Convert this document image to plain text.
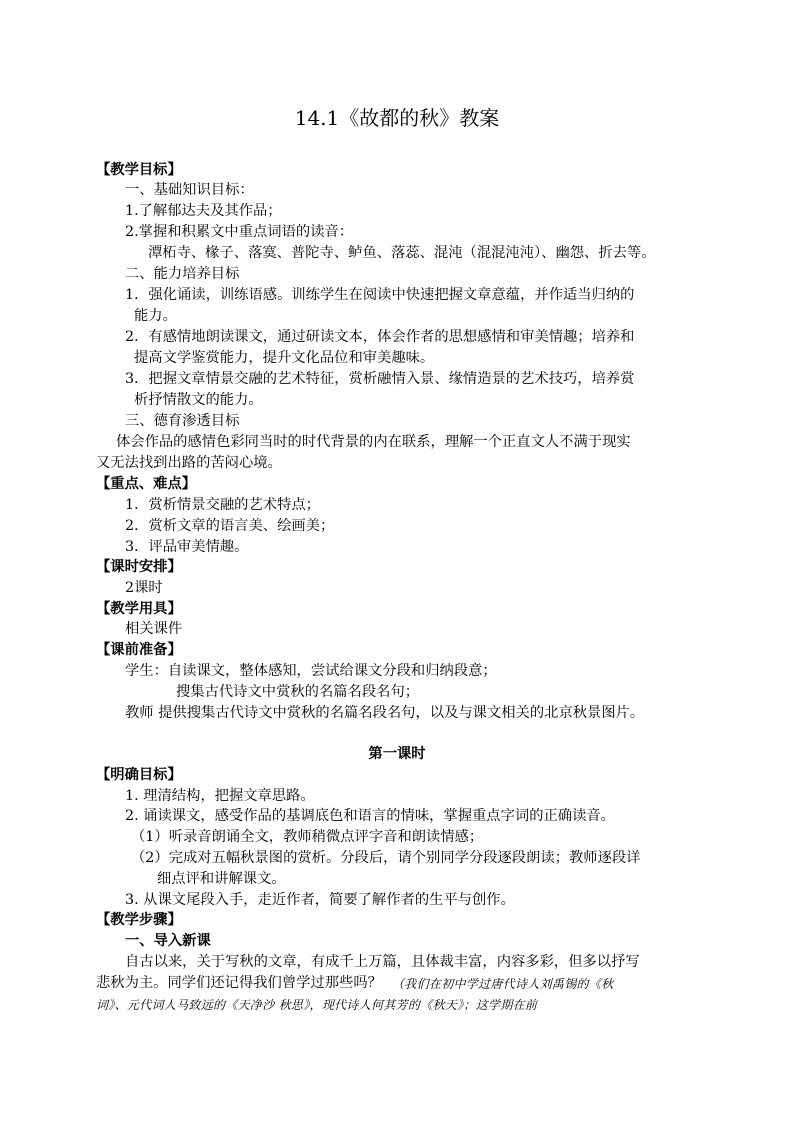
14.1《故都的秋》教案
【教学目标】
一、基础知识目标：
1.了解郁达夫及其作品；
2.掌握和积累文中重点词语的读音：
潭柘寺、椽子、落寞、普陀寺、鲈鱼、落蕊、混沌（混混沌沌）、幽怨、折去等。
二、能力培养目标
1．强化诵读，训练语感。训练学生在阅读中快速把握文章意蕴，并作适当归纳的
能力。
2．有感情地朗读课文，通过研读文本，体会作者的思想感情和审美情趣；培养和
提高文学鉴赏能力，提升文化品位和审美趣味。
3．把握文章情景交融的艺术特征，赏析融情入景、缘情造景的艺术技巧，培养赏
析抒情散文的能力。
三、德育渗透目标
体会作品的感情色彩同当时的时代背景的内在联系，理解一个正直文人不满于现实
又无法找到出路的苦闷心境。
【重点、难点】
1．赏析情景交融的艺术特点；
2．赏析文章的语言美、绘画美；
3．评品审美情趣。
【课时安排】
2课时
【教学用具】
相关课件
【课前准备】
学生：自读课文，整体感知，尝试给课文分段和归纳段意；
搜集古代诗文中赏秋的名篇名段名句；
教师 提供搜集古代诗文中赏秋的名篇名段名句，以及与课文相关的北京秋景图片。
第一课时
【明确目标】
1. 理清结构，把握文章思路。
2. 诵读课文，感受作品的基调底色和语言的情味，掌握重点字词的正确读音。
（1）听录音朗诵全文，教师稍微点评字音和朗读情感；
（2）完成对五幅秋景图的赏析。分段后，请个别同学分段逐段朗读；教师逐段详
细点评和讲解课文。
3. 从课文尾段入手，走近作者，简要了解作者的生平与创作。
【教学步骤】
一、导入新课
自古以来，关于写秋的文章，有成千上万篇，且体裁丰富，内容多彩，但多以抒写
悲秋为主。同学们还记得我们曾学过那些吗？ （我们在初中学过唐代诗人刘禹锡的《秋
词》、元代词人马致远的《天净沙 秋思》，现代诗人何其芳的《秋天》；这学期在前
